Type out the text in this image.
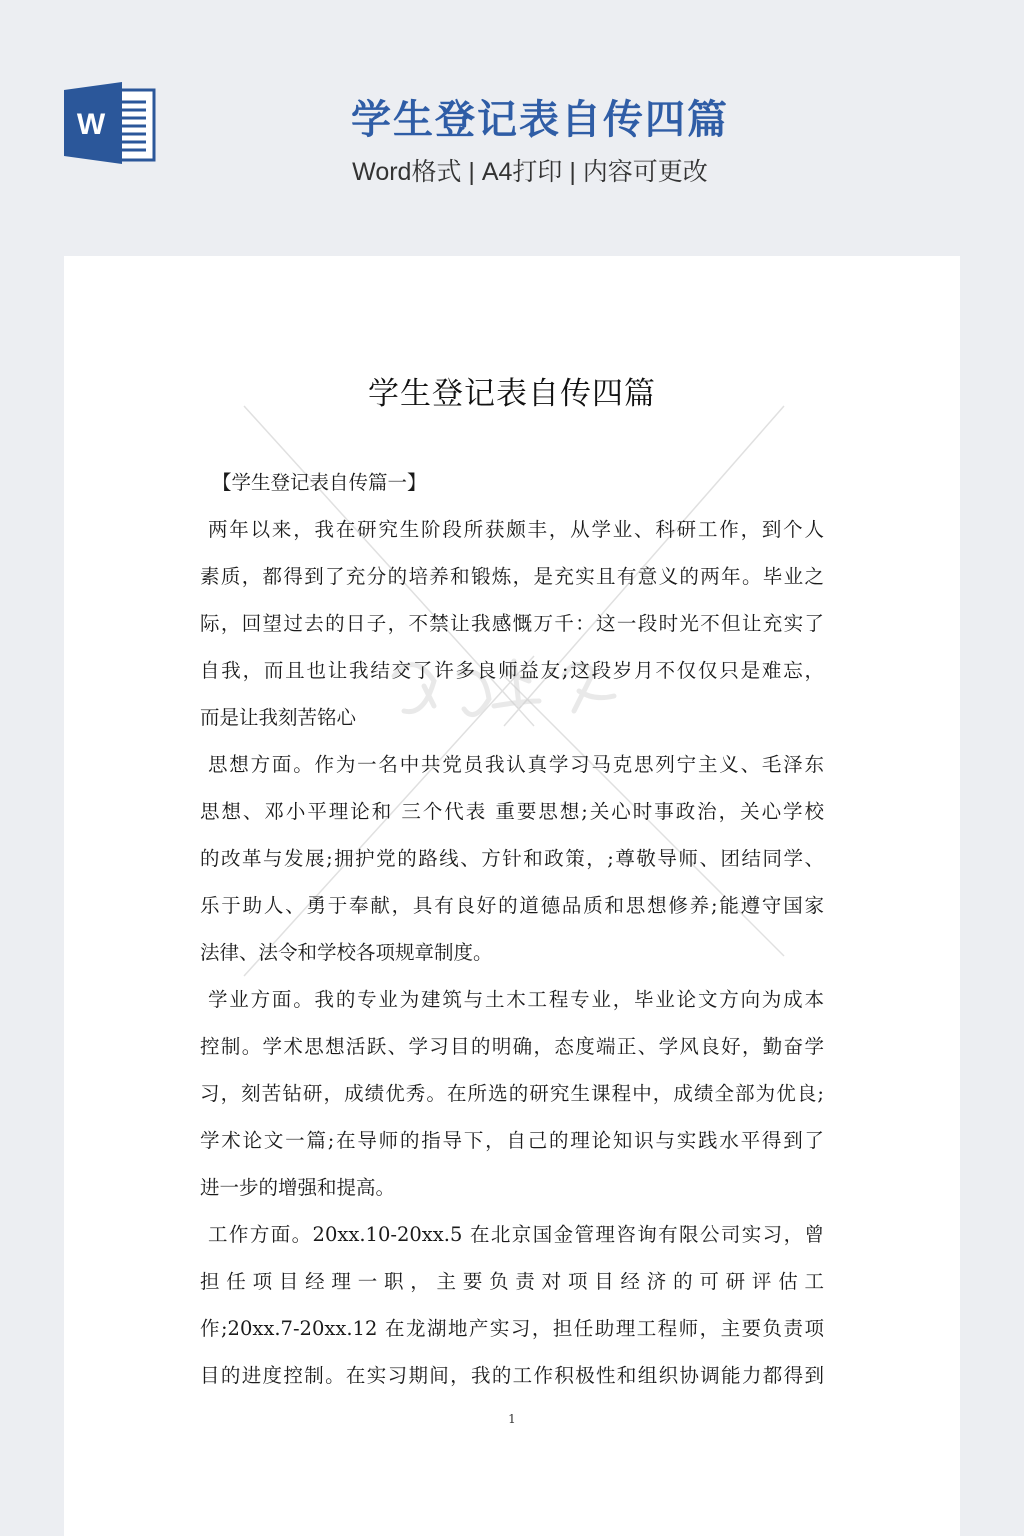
W	学生登记表自传四篇
Word格式 | A4打印 | 内容可更改
学生登记表自传四篇
【学生登记表自传篇一】
两年以来，我在研究生阶段所获颇丰，从学业、科研工作，到个人
素质，都得到了充分的培养和锻炼，是充实且有意义的两年。毕业之
际，回望过去的日子，不禁让我感慨万千：这一段时光不但让充实了
自我，而且也让我结交了许多良师益友;这段岁月不仅仅只是难忘，
而是让我刻苦铭心
思想方面。作为一名中共党员我认真学习马克思列宁主义、毛泽东
思想、邓小平理论和 三个代表 重要思想;关心时事政治，关心学校
的改革与发展;拥护党的路线、方针和政策，;尊敬导师、团结同学、
乐于助人、勇于奉献，具有良好的道德品质和思想修养;能遵守国家
法律、法令和学校各项规章制度。
学业方面。我的专业为建筑与土木工程专业，毕业论文方向为成本
控制。学术思想活跃、学习目的明确，态度端正、学风良好，勤奋学
习，刻苦钻研，成绩优秀。在所选的研究生课程中，成绩全部为优良;
学术论文一篇;在导师的指导下，自己的理论知识与实践水平得到了
进一步的增强和提高。
工作方面。20xx.10-20xx.5 在北京国金管理咨询有限公司实习，曾
担任项目经理一职，主要负责对项目经济的可研评估工
作;20xx.7-20xx.12 在龙湖地产实习，担任助理工程师，主要负责项
目的进度控制。在实习期间，我的工作积极性和组织协调能力都得到
1
